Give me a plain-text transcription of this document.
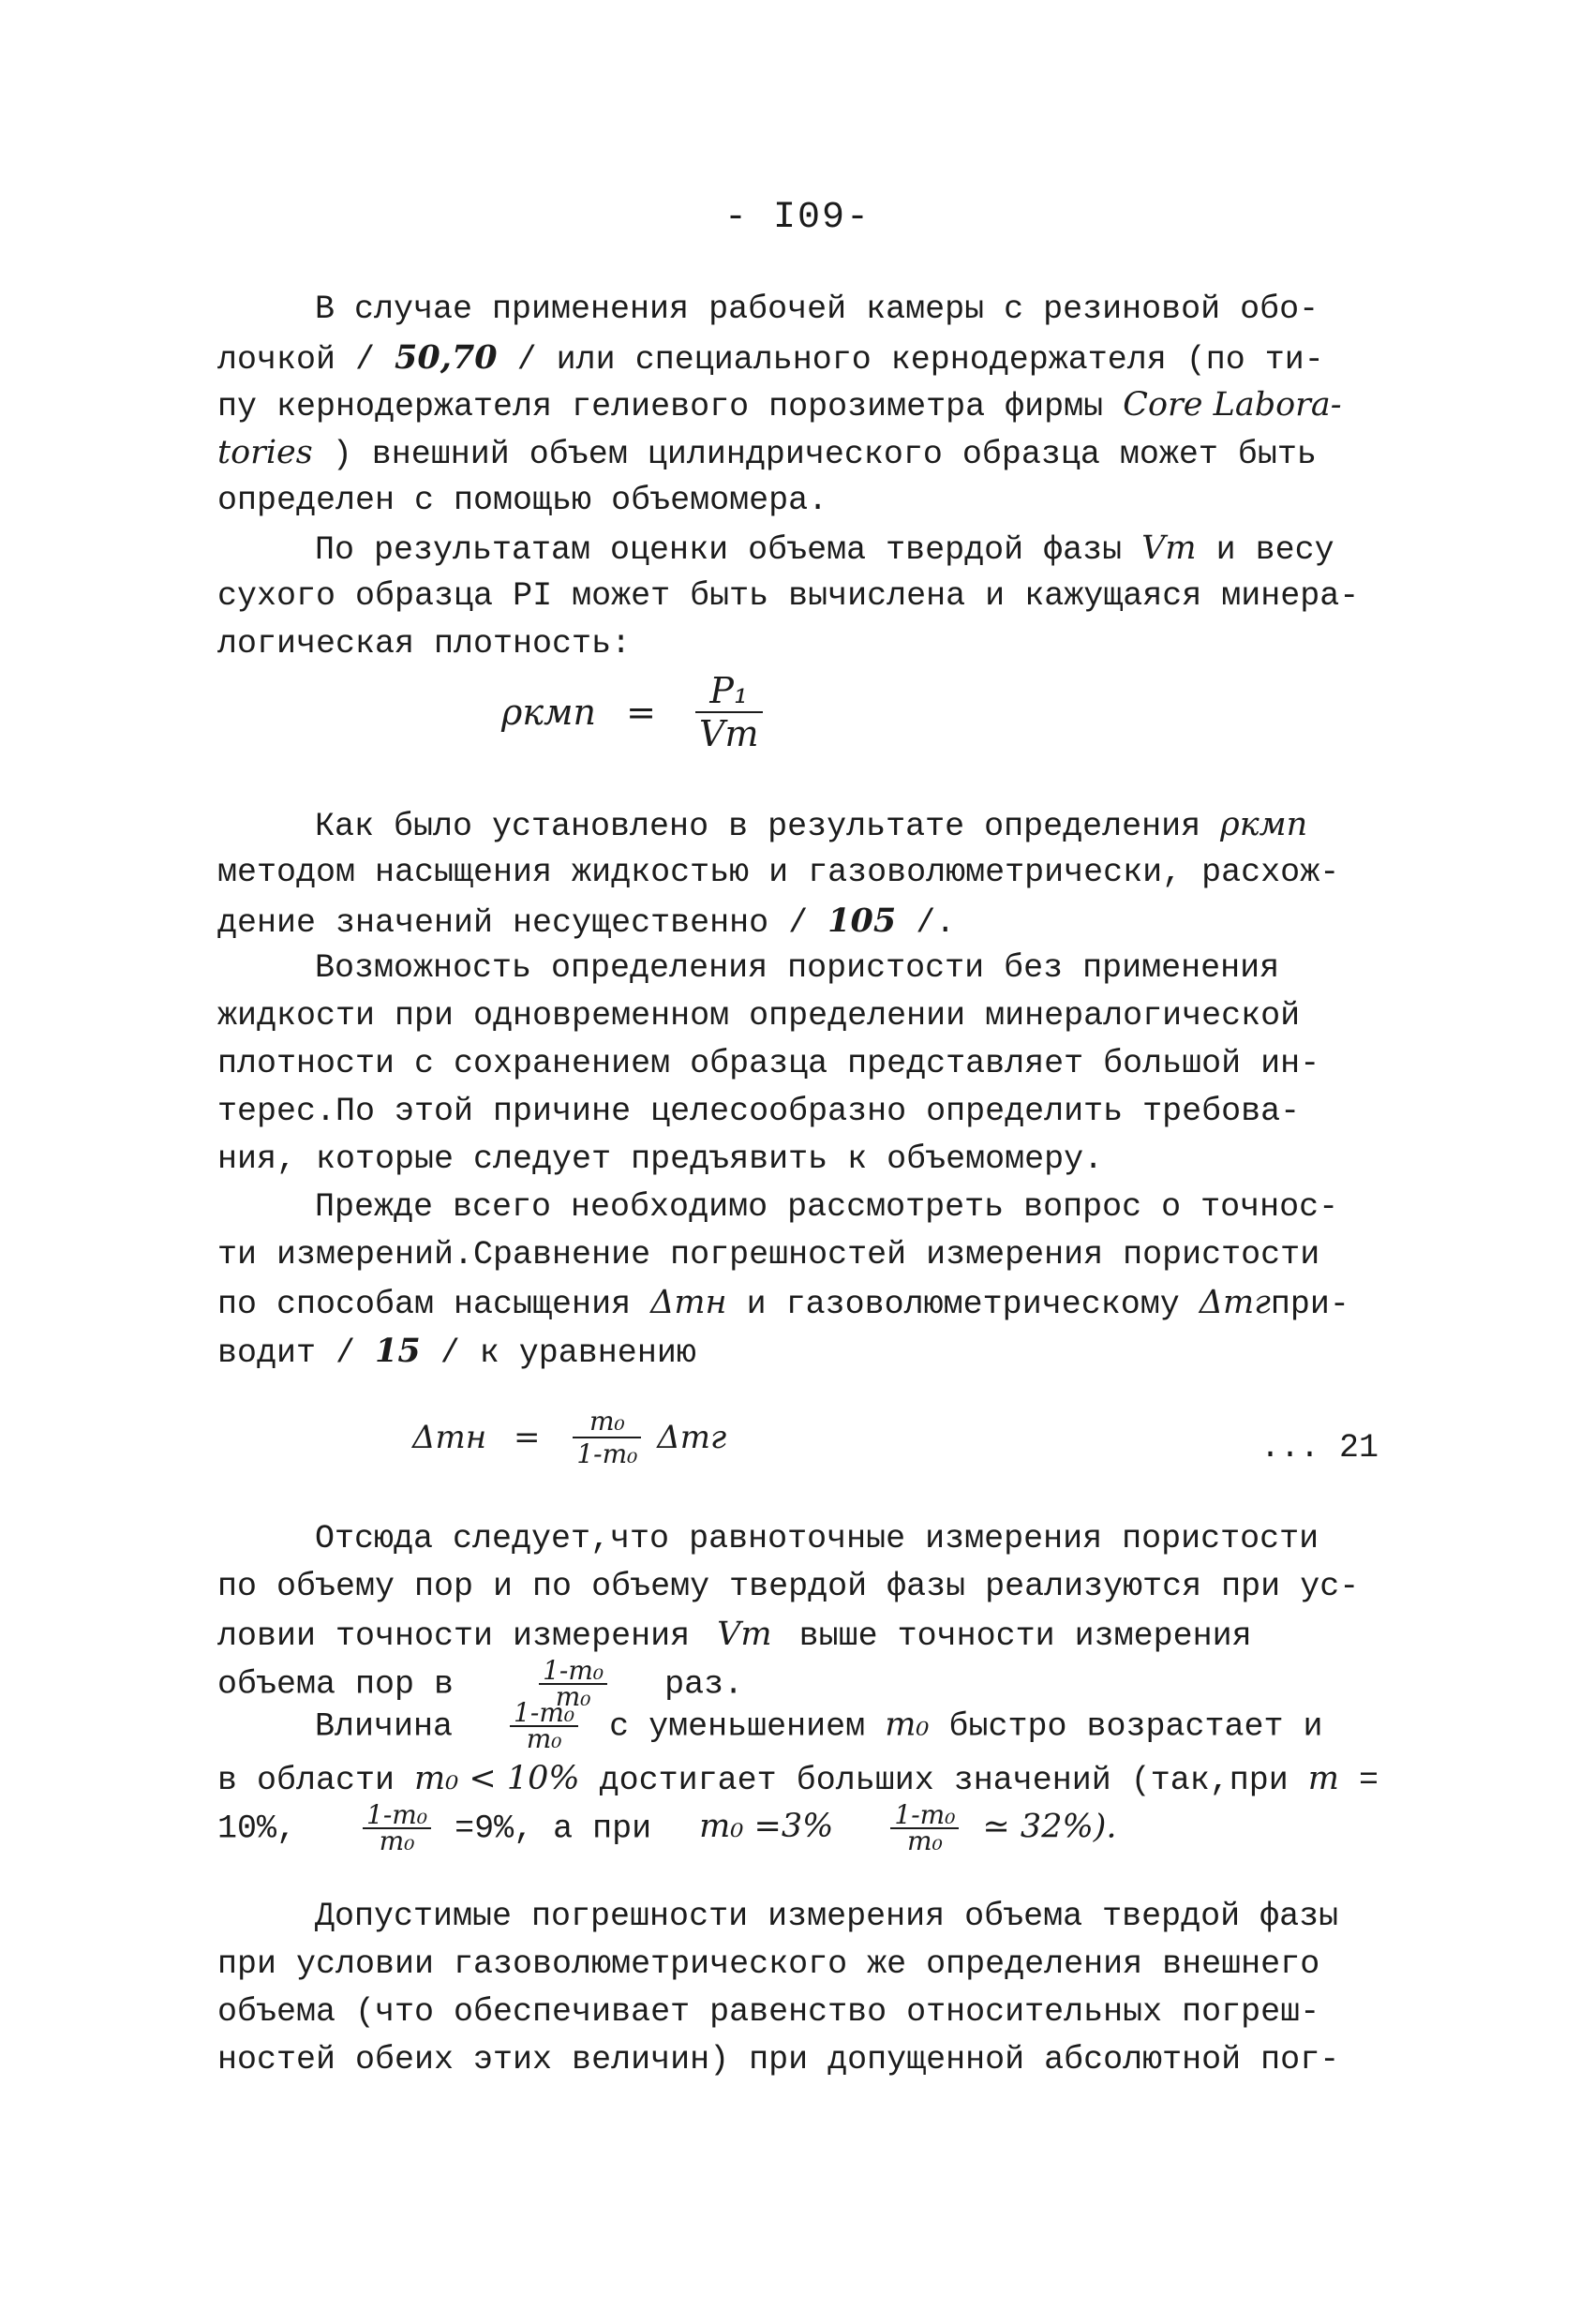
- I09-
В случае применения рабочей камеры с резиновой обо-
лочкой / 50,70 / или специального кернодержателя (по ти-
пу кернодержателя гелиевого порозиметра фирмы Core Labora-
tories ) внешний объем цилиндрического образца может быть
определен с помощью объемомера.
По результатам оценки объема твердой фазы Vт и весу
сухого образца PI может быть вычислена и кажущаяся минера-
логическая плотность:
$\rho кмп = \frac{\text{P₁}}{Vт}$
Как было установлено в результате определения ρкмп
методом насыщения жидкостью и газоволюметрически, расхож-
дение значений несущественно / 105 /.
Возможность определения пористости без применения
жидкости при одновременном определении минералогической
плотности с сохранением образца представляет большой ин-
терес.По этой причине целесообразно определить требова-
ния, которые следует предъявить к объемомеру.
Прежде всего необходимо рассмотреть вопрос о точнос-
ти измерений.Сравнение погрешностей измерения пористости
по способам насыщения Δmн и газоволюметрическому Δmгпри-
водит / 15 / к уравнению
$\Delta mн = \frac{\text{m₀}}{\text{1-m₀}}$ Δmг	... 21
Отсюда следует,что равноточные измерения пористости
по объему пор и по объему твердой фазы реализуются при ус-
ловии точности измерения Vт выше точности измерения
объема пор в	$\frac{\text{1-m₀}}{\text{m₀}}$ раз.
Вличина $\frac{\text{1-m₀}}{\text{m₀}}$ с уменьшением m₀ быстро возрастает и
в области m₀ < 10% достигает больших значений (так,при m =
10%,	$\frac{\text{1-m₀}}{\text{m₀}} =9\%$, а при $m_0 =3\% \frac{\text{1-m₀}}{\text{m₀}}$ ≃ 32%).
Допустимые погрешности измерения объема твердой фазы
при условии газоволюметрического же определения внешнего
объема (что обеспечивает равенство относительных погреш-
ностей обеих этих величин) при допущенной абсолютной пог-
